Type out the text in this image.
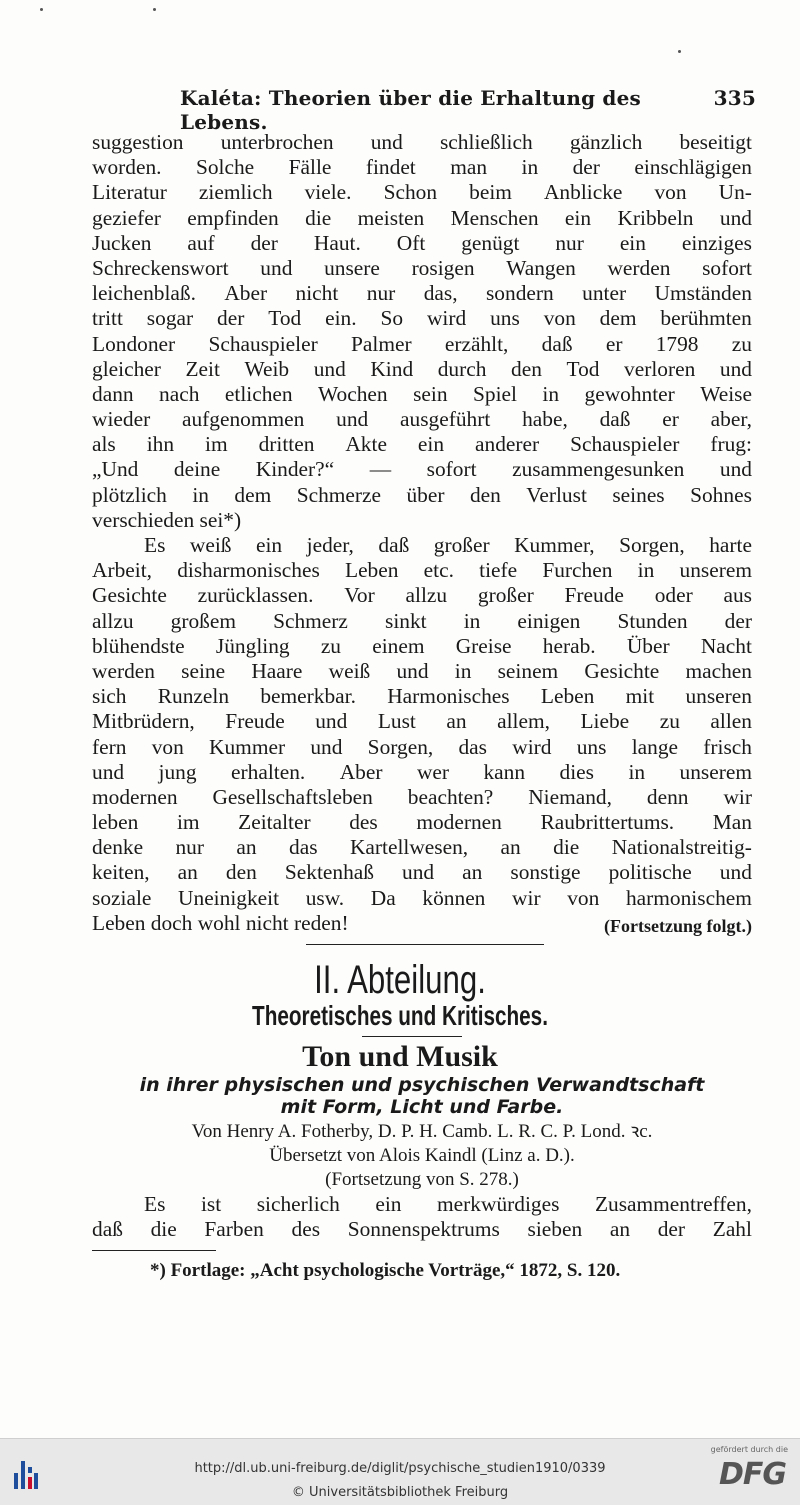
Kaléta: Theorien über die Erhaltung des Lebens.
335
suggestion unterbrochen und schließlich gänzlich beseitigt
worden. Solche Fälle findet man in der einschlägigen
Literatur ziemlich viele. Schon beim Anblicke von Un-
geziefer empfinden die meisten Menschen ein Kribbeln und
Jucken auf der Haut. Oft genügt nur ein einziges
Schreckenswort und unsere rosigen Wangen werden sofort
leichenblaß. Aber nicht nur das, sondern unter Umständen
tritt sogar der Tod ein. So wird uns von dem berühmten
Londoner Schauspieler Palmer erzählt, daß er 1798 zu
gleicher Zeit Weib und Kind durch den Tod verloren und
dann nach etlichen Wochen sein Spiel in gewohnter Weise
wieder aufgenommen und ausgeführt habe, daß er aber,
als ihn im dritten Akte ein anderer Schauspieler frug:
„Und deine Kinder?“ — sofort zusammengesunken und
plötzlich in dem Schmerze über den Verlust seines Sohnes
verschieden sei*)
Es weiß ein jeder, daß großer Kummer, Sorgen, harte
Arbeit, disharmonisches Leben etc. tiefe Furchen in unserem
Gesichte zurücklassen. Vor allzu großer Freude oder aus
allzu großem Schmerz sinkt in einigen Stunden der
blühendste Jüngling zu einem Greise herab. Über Nacht
werden seine Haare weiß und in seinem Gesichte machen
sich Runzeln bemerkbar. Harmonisches Leben mit unseren
Mitbrüdern, Freude und Lust an allem, Liebe zu allen
fern von Kummer und Sorgen, das wird uns lange frisch
und jung erhalten. Aber wer kann dies in unserem
modernen Gesellschaftsleben beachten? Niemand, denn wir
leben im Zeitalter des modernen Raubrittertums. Man
denke nur an das Kartellwesen, an die Nationalstreitig-
keiten, an den Sektenhaß und an sonstige politische und
soziale Uneinigkeit usw. Da können wir von harmonischem
Leben doch wohl nicht reden!	(Fortsetzung folgt.)
II. Abteilung.
Theoretisches und Kritisches.
Ton und Musik
in ihrer physischen und psychischen Verwandtschaft
mit Form, Licht und Farbe.
Von Henry A. Fotherby, D. P. H. Camb. L. R. C. P. Lond. ꝛc.
Übersetzt von Alois Kaindl (Linz a. D.).
(Fortsetzung von S. 278.)
Es ist sicherlich ein merkwürdiges Zusammentreffen,
daß die Farben des Sonnenspektrums sieben an der Zahl
*) Fortlage: „Acht psychologische Vorträge,“ 1872, S. 120.
http://dl.ub.uni-freiburg.de/diglit/psychische_studien1910/0339
© Universitätsbibliothek Freiburg
gefördert durch die
DFG
